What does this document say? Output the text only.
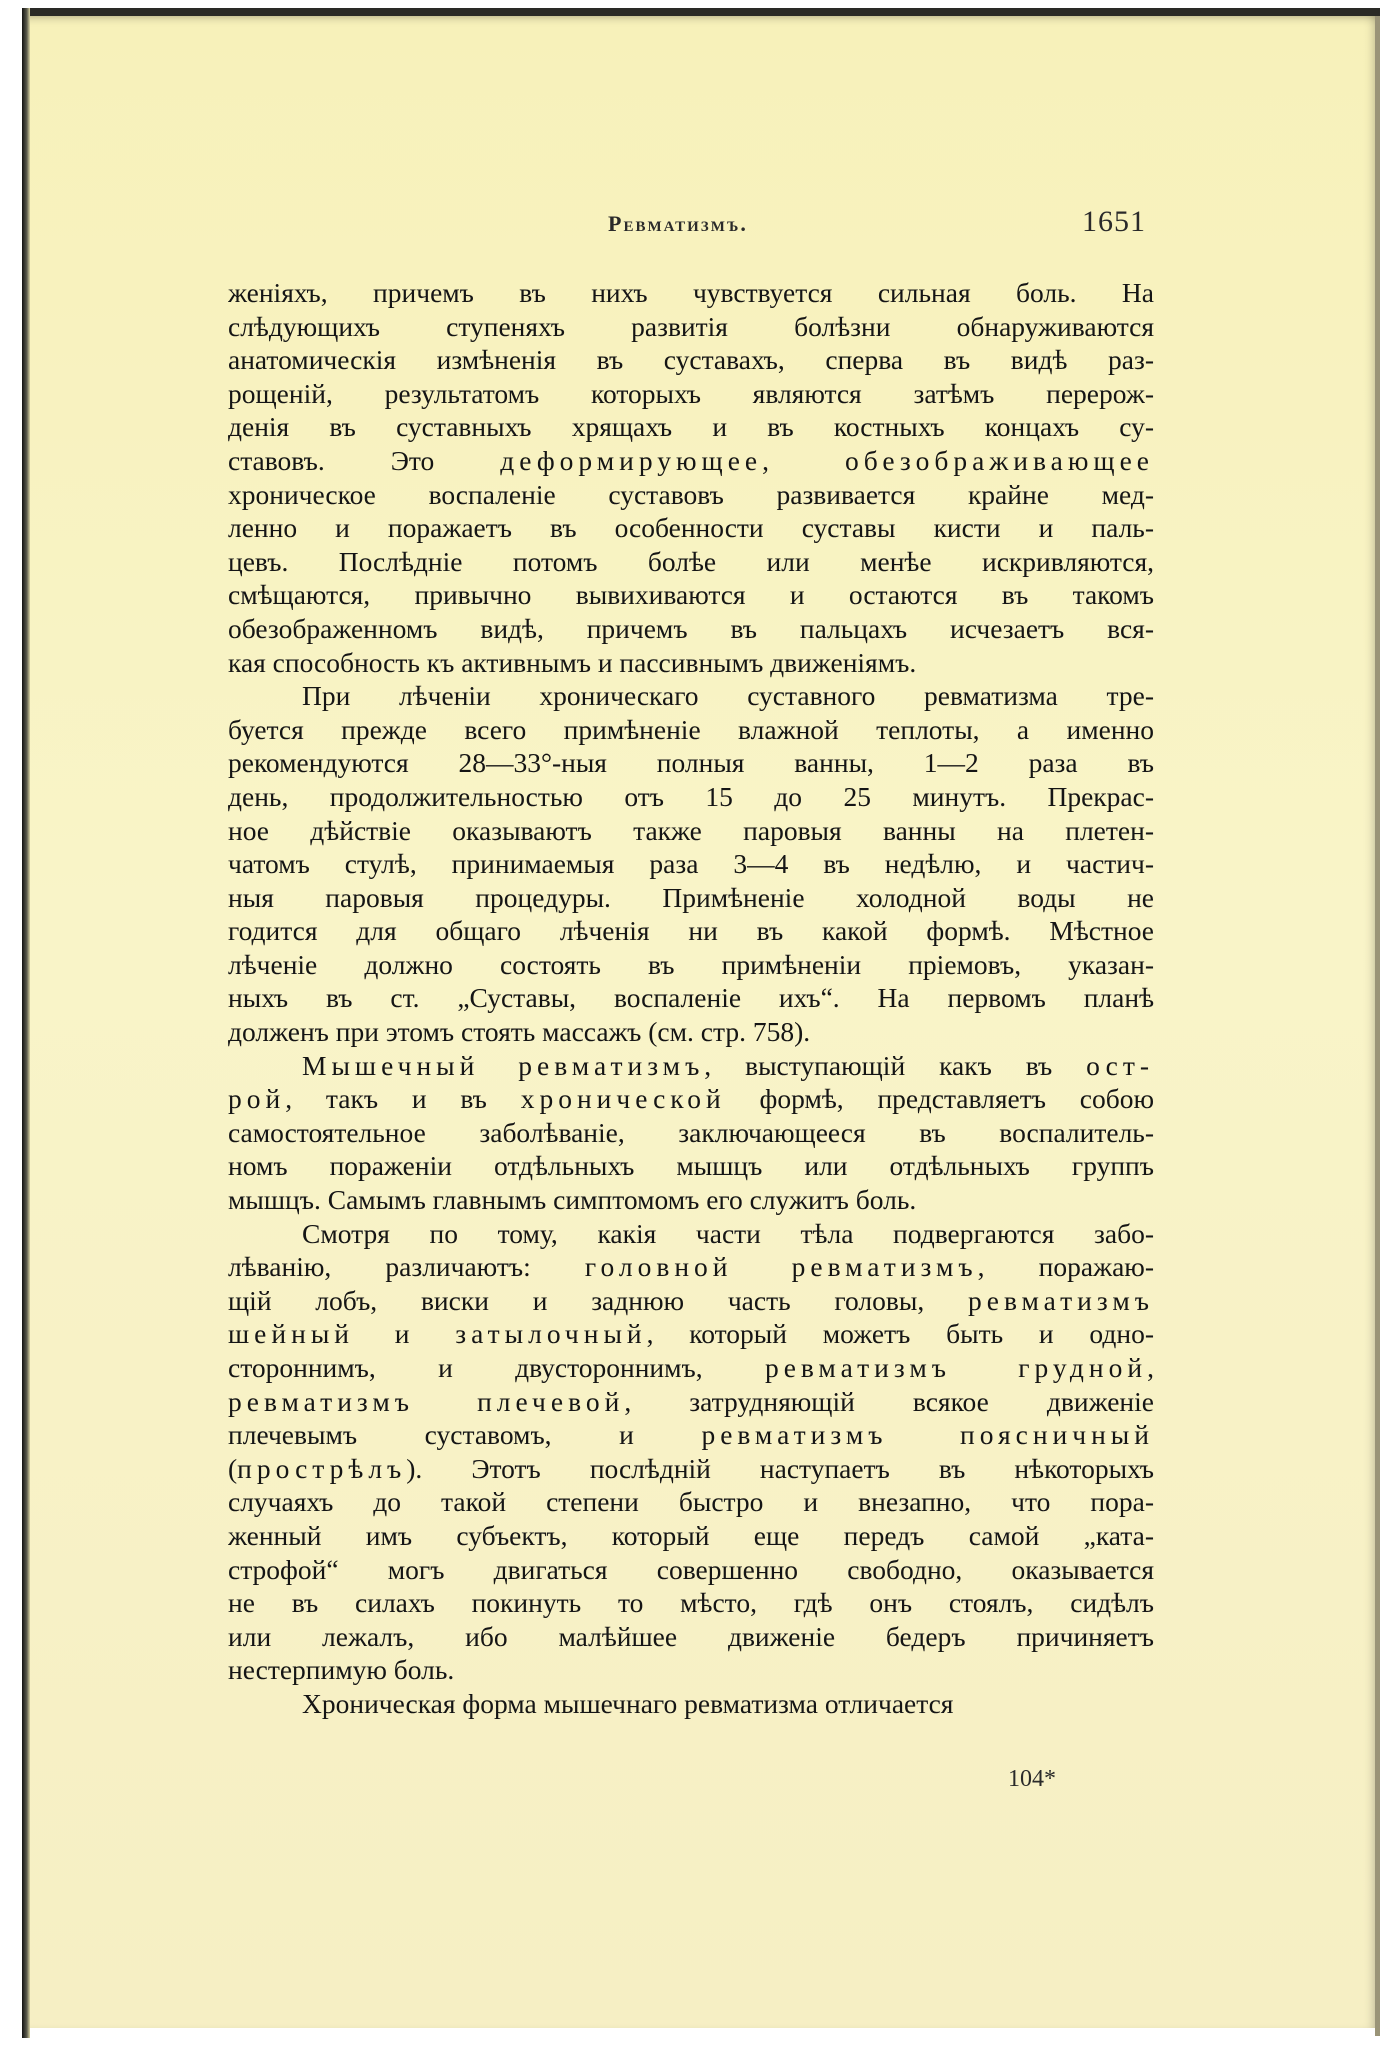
Ревматизмъ.	1651
женіяхъ, причемъ въ нихъ чувствуется сильная боль. На
слѣдующихъ ступеняхъ развитія болѣзни обнаруживаются
анатомическія измѣненія въ суставахъ, сперва въ видѣ раз-
рощеній, результатомъ которыхъ являются затѣмъ перерож-
денія въ суставныхъ хрящахъ и въ костныхъ концахъ су-
ставовъ. Это деформирующее, обезображивающее
хроническое воспаленіе суставовъ развивается крайне мед-
ленно и поражаетъ въ особенности суставы кисти и паль-
цевъ. Послѣдніе потомъ болѣе или менѣе искривляются,
смѣщаются, привычно вывихиваются и остаются въ такомъ
обезображенномъ видѣ, причемъ въ пальцахъ исчезаетъ вся-
кая способность къ активнымъ и пассивнымъ движеніямъ.
При лѣченіи хроническаго суставного ревматизма тре-
буется прежде всего примѣненіе влажной теплоты, а именно
рекомендуются 28—33°-ныя полныя ванны, 1—2 раза въ
день, продолжительностью отъ 15 до 25 минутъ. Прекрас-
ное дѣйствіе оказываютъ также паровыя ванны на плетен-
чатомъ стулѣ, принимаемыя раза 3—4 въ недѣлю, и частич-
ныя паровыя процедуры. Примѣненіе холодной воды не
годится для общаго лѣченія ни въ какой формѣ. Мѣстное
лѣченіе должно состоять въ примѣненіи пріемовъ, указан-
ныхъ въ ст. „Суставы, воспаленіе ихъ“. На первомъ планѣ
долженъ при этомъ стоять массажъ (см. стр. 758).
Мышечный ревматизмъ, выступающій какъ въ ост-
рой, такъ и въ хронической формѣ, представляетъ собою
самостоятельное заболѣваніе, заключающееся въ воспалитель-
номъ пораженіи отдѣльныхъ мышцъ или отдѣльныхъ группъ
мышцъ. Самымъ главнымъ симптомомъ его служитъ боль.
Смотря по тому, какія части тѣла подвергаются забо-
лѣванію, различаютъ: головной ревматизмъ, поражаю-
щій лобъ, виски и заднюю часть головы, ревматизмъ
шейный и затылочный, который можетъ быть и одно-
стороннимъ, и двустороннимъ, ревматизмъ грудной,
ревматизмъ плечевой, затрудняющій всякое движеніе
плечевымъ суставомъ, и ревматизмъ поясничный
(прострѣлъ). Этотъ послѣдній наступаетъ въ нѣкоторыхъ
случаяхъ до такой степени быстро и внезапно, что пора-
женный имъ субъектъ, который еще передъ самой „ката-
строфой“ могъ двигаться совершенно свободно, оказывается
не въ силахъ покинуть то мѣсто, гдѣ онъ стоялъ, сидѣлъ
или лежалъ, ибо малѣйшее движеніе бедеръ причиняетъ
нестерпимую боль.
Хроническая форма мышечнаго ревматизма отличается
104*
